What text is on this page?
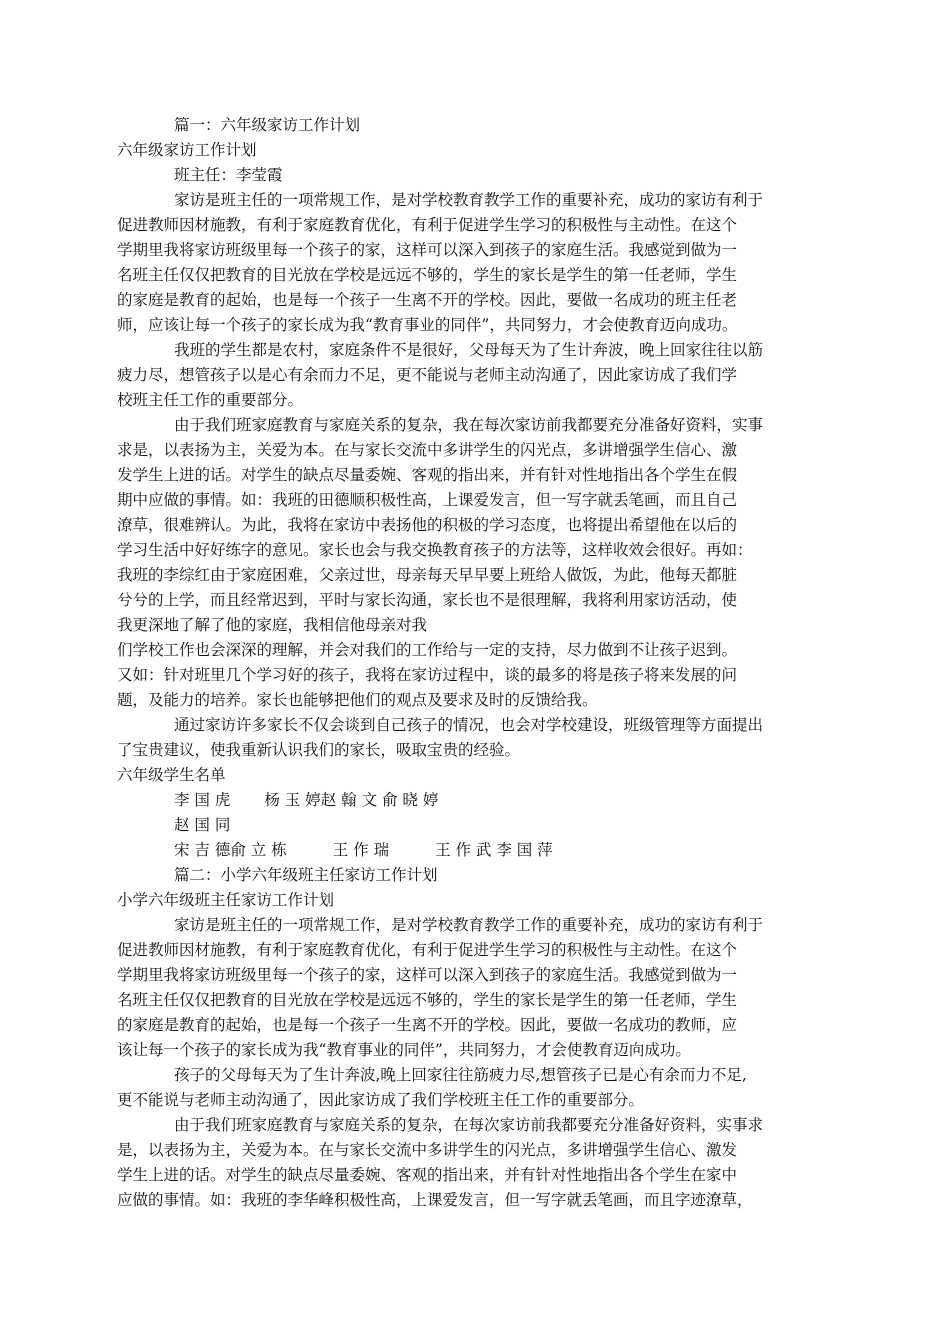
篇一：六年级家访工作计划
六年级家访工作计划
班主任：李莹霞
家访是班主任的一项常规工作，是对学校教育教学工作的重要补充，成功的家访有利于
促进教师因材施教，有利于家庭教育优化，有利于促进学生学习的积极性与主动性。在这个
学期里我将家访班级里每一个孩子的家，这样可以深入到孩子的家庭生活。我感觉到做为一
名班主任仅仅把教育的目光放在学校是远远不够的，学生的家长是学生的第一任老师，学生
的家庭是教育的起始，也是每一个孩子一生离不开的学校。因此，要做一名成功的班主任老
师，应该让每一个孩子的家长成为我“教育事业的同伴”，共同努力，才会使教育迈向成功。
我班的学生都是农村，家庭条件不是很好，父母每天为了生计奔波，晚上回家往往以筋
疲力尽，想管孩子以是心有余而力不足，更不能说与老师主动沟通了，因此家访成了我们学
校班主任工作的重要部分。
由于我们班家庭教育与家庭关系的复杂，我在每次家访前我都要充分准备好资料，实事
求是，以表扬为主，关爱为本。在与家长交流中多讲学生的闪光点，多讲增强学生信心、激
发学生上进的话。对学生的缺点尽量委婉、客观的指出来，并有针对性地指出各个学生在假
期中应做的事情。如：我班的田德顺积极性高，上课爱发言，但一写字就丢笔画，而且自己
潦草，很难辨认。为此，我将在家访中表扬他的积极的学习态度，也将提出希望他在以后的
学习生活中好好练字的意见。家长也会与我交换教育孩子的方法等，这样收效会很好。再如：
我班的李综红由于家庭困难，父亲过世，母亲每天早早要上班给人做饭，为此，他每天都脏
兮兮的上学，而且经常迟到，平时与家长沟通，家长也不是很理解，我将利用家访活动，使
我更深地了解了他的家庭，我相信他母亲对我
们学校工作也会深深的理解，并会对我们的工作给与一定的支持，尽力做到不让孩子迟到。
又如：针对班里几个学习好的孩子，我将在家访过程中，谈的最多的将是孩子将来发展的问
题，及能力的培养。家长也能够把他们的观点及要求及时的反馈给我。
通过家访许多家长不仅会谈到自己孩子的情况，也会对学校建设，班级管理等方面提出
了宝贵建议，使我重新认识我们的家长，吸取宝贵的经验。
六年级学生名单
李 国 虎 杨 玉 婷赵 翰 文 俞 晓 婷
赵 国 同
宋 吉 德俞 立 栋	王 作 瑞	王 作 武 李 国 萍
篇二：小学六年级班主任家访工作计划
小学六年级班主任家访工作计划
家访是班主任的一项常规工作，是对学校教育教学工作的重要补充，成功的家访有利于
促进教师因材施教，有利于家庭教育优化，有利于促进学生学习的积极性与主动性。在这个
学期里我将家访班级里每一个孩子的家，这样可以深入到孩子的家庭生活。我感觉到做为一
名班主任仅仅把教育的目光放在学校是远远不够的，学生的家长是学生的第一任老师，学生
的家庭是教育的起始，也是每一个孩子一生离不开的学校。因此，要做一名成功的教师，应
该让每一个孩子的家长成为我“教育事业的同伴”，共同努力，才会使教育迈向成功。
孩子的父母每天为了生计奔波,晚上回家往往筋疲力尽,想管孩子已是心有余而力不足,
更不能说与老师主动沟通了，因此家访成了我们学校班主任工作的重要部分。
由于我们班家庭教育与家庭关系的复杂，在每次家访前我都要充分准备好资料，实事求
是，以表扬为主，关爱为本。在与家长交流中多讲学生的闪光点，多讲增强学生信心、激发
学生上进的话。对学生的缺点尽量委婉、客观的指出来，并有针对性地指出各个学生在家中
应做的事情。如：我班的李华峰积极性高，上课爱发言，但一写字就丢笔画，而且字迹潦草，
